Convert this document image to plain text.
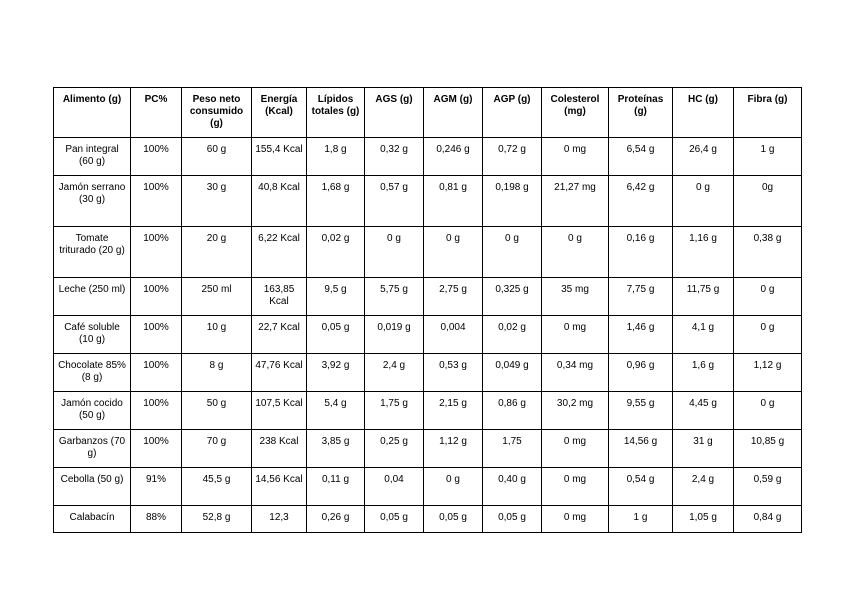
Alimento (g)	PC%	Peso neto consumido (g)	Energía (Kcal)	Lípidos totales (g)	AGS (g)	AGM (g)	AGP (g)	Colesterol (mg)	Proteínas (g)	HC (g)	Fibra (g)
Pan integral (60 g)	100%	60 g	155,4 Kcal	1,8 g	0,32 g	0,246 g	0,72 g	0 mg	6,54 g	26,4 g	1 g
Jamón serrano (30 g)	100%	30 g	40,8 Kcal	1,68 g	0,57 g	0,81 g	0,198 g	21,27 mg	6,42 g	0 g	0g
Tomate triturado (20 g)	100%	20 g	6,22 Kcal	0,02 g	0 g	0 g	0 g	0 g	0,16 g	1,16 g	0,38 g
Leche (250 ml)	100%	250 ml	163,85 Kcal	9,5 g	5,75 g	2,75 g	0,325 g	35 mg	7,75 g	11,75 g	0 g
Café soluble (10 g)	100%	10 g	22,7 Kcal	0,05 g	0,019 g	0,004	0,02 g	0 mg	1,46 g	4,1 g	0 g
Chocolate 85% (8 g)	100%	8 g	47,76 Kcal	3,92 g	2,4 g	0,53 g	0,049 g	0,34 mg	0,96 g	1,6 g	1,12 g
Jamón cocido (50 g)	100%	50 g	107,5 Kcal	5,4 g	1,75 g	2,15 g	0,86 g	30,2 mg	9,55 g	4,45 g	0 g
Garbanzos (70 g)	100%	70 g	238 Kcal	3,85 g	0,25 g	1,12 g	1,75	0 mg	14,56 g	31 g	10,85 g
Cebolla (50 g)	91%	45,5 g	14,56 Kcal	0,11 g	0,04	0 g	0,40 g	0 mg	0,54 g	2,4 g	0,59 g
Calabacín	88%	52,8 g	12,3	0,26 g	0,05 g	0,05 g	0,05 g	0 mg	1 g	1,05 g	0,84 g
